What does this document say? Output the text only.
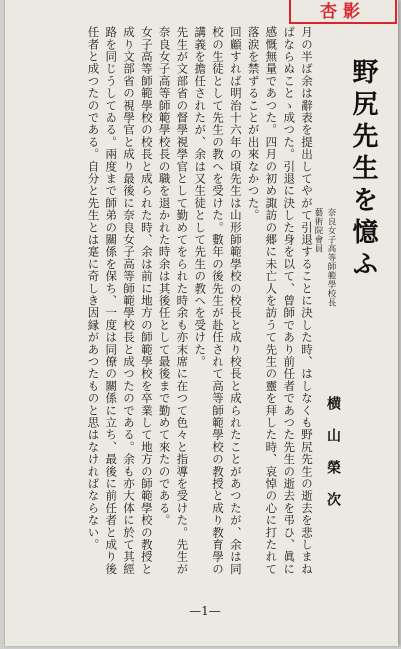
杏影

月の半ば余は辭表を提出してやがて引退することに決した時、はしなくも野尻先生の逝去を悲しまねばならぬことゝ成つた。引退に決した身を以て、曾師であり前任者であつた先生の逝去を弔ひ、眞に感慨無量であつた。四月の初め諏訪の郷に未亡人を訪うて先生の靈を拜した時、哀悼の心に打たれて落涙を禁ずることが出來なかつた。

回顧すれば明治十六年の頃先生は山形師範學校の校長と成り校長と成られたことがあつたが、余は同校の生徒として先生の教へを受けた。數年の後先生が赴任されて高等師範學校の教授と成り教育學の講義を擔任されたが、余は又生徒として先生の教へを受けた。

先生が文部省の督學視學官として勤めてをられた時余も亦末席に在つて色々と指導を受けた。先生が奈良女子高等師範學校長の職を退かれた時余は其後任として最後まで勤めて來たのである。

女子高等師範學校の校長と成られた時、余は前に地方の師範學校を卒業して地方の師範學校の教授と成り文部省の視學官と成り最後に奈良女子高等師範學校長と成つたのである。余も亦大体に於て其經路を同じうしてゐる。兩度まで師弟の關係を保ち、一度は同僚の關係に立ち、最後に前任者と成り後任者と成つたのである。自分と先生とは寔に奇しき因縁があつたものと思はなければならない。	野尻先生を憶ふ
奈良女子高等師範學校長
藝術院會員
横山榮次
—1—
